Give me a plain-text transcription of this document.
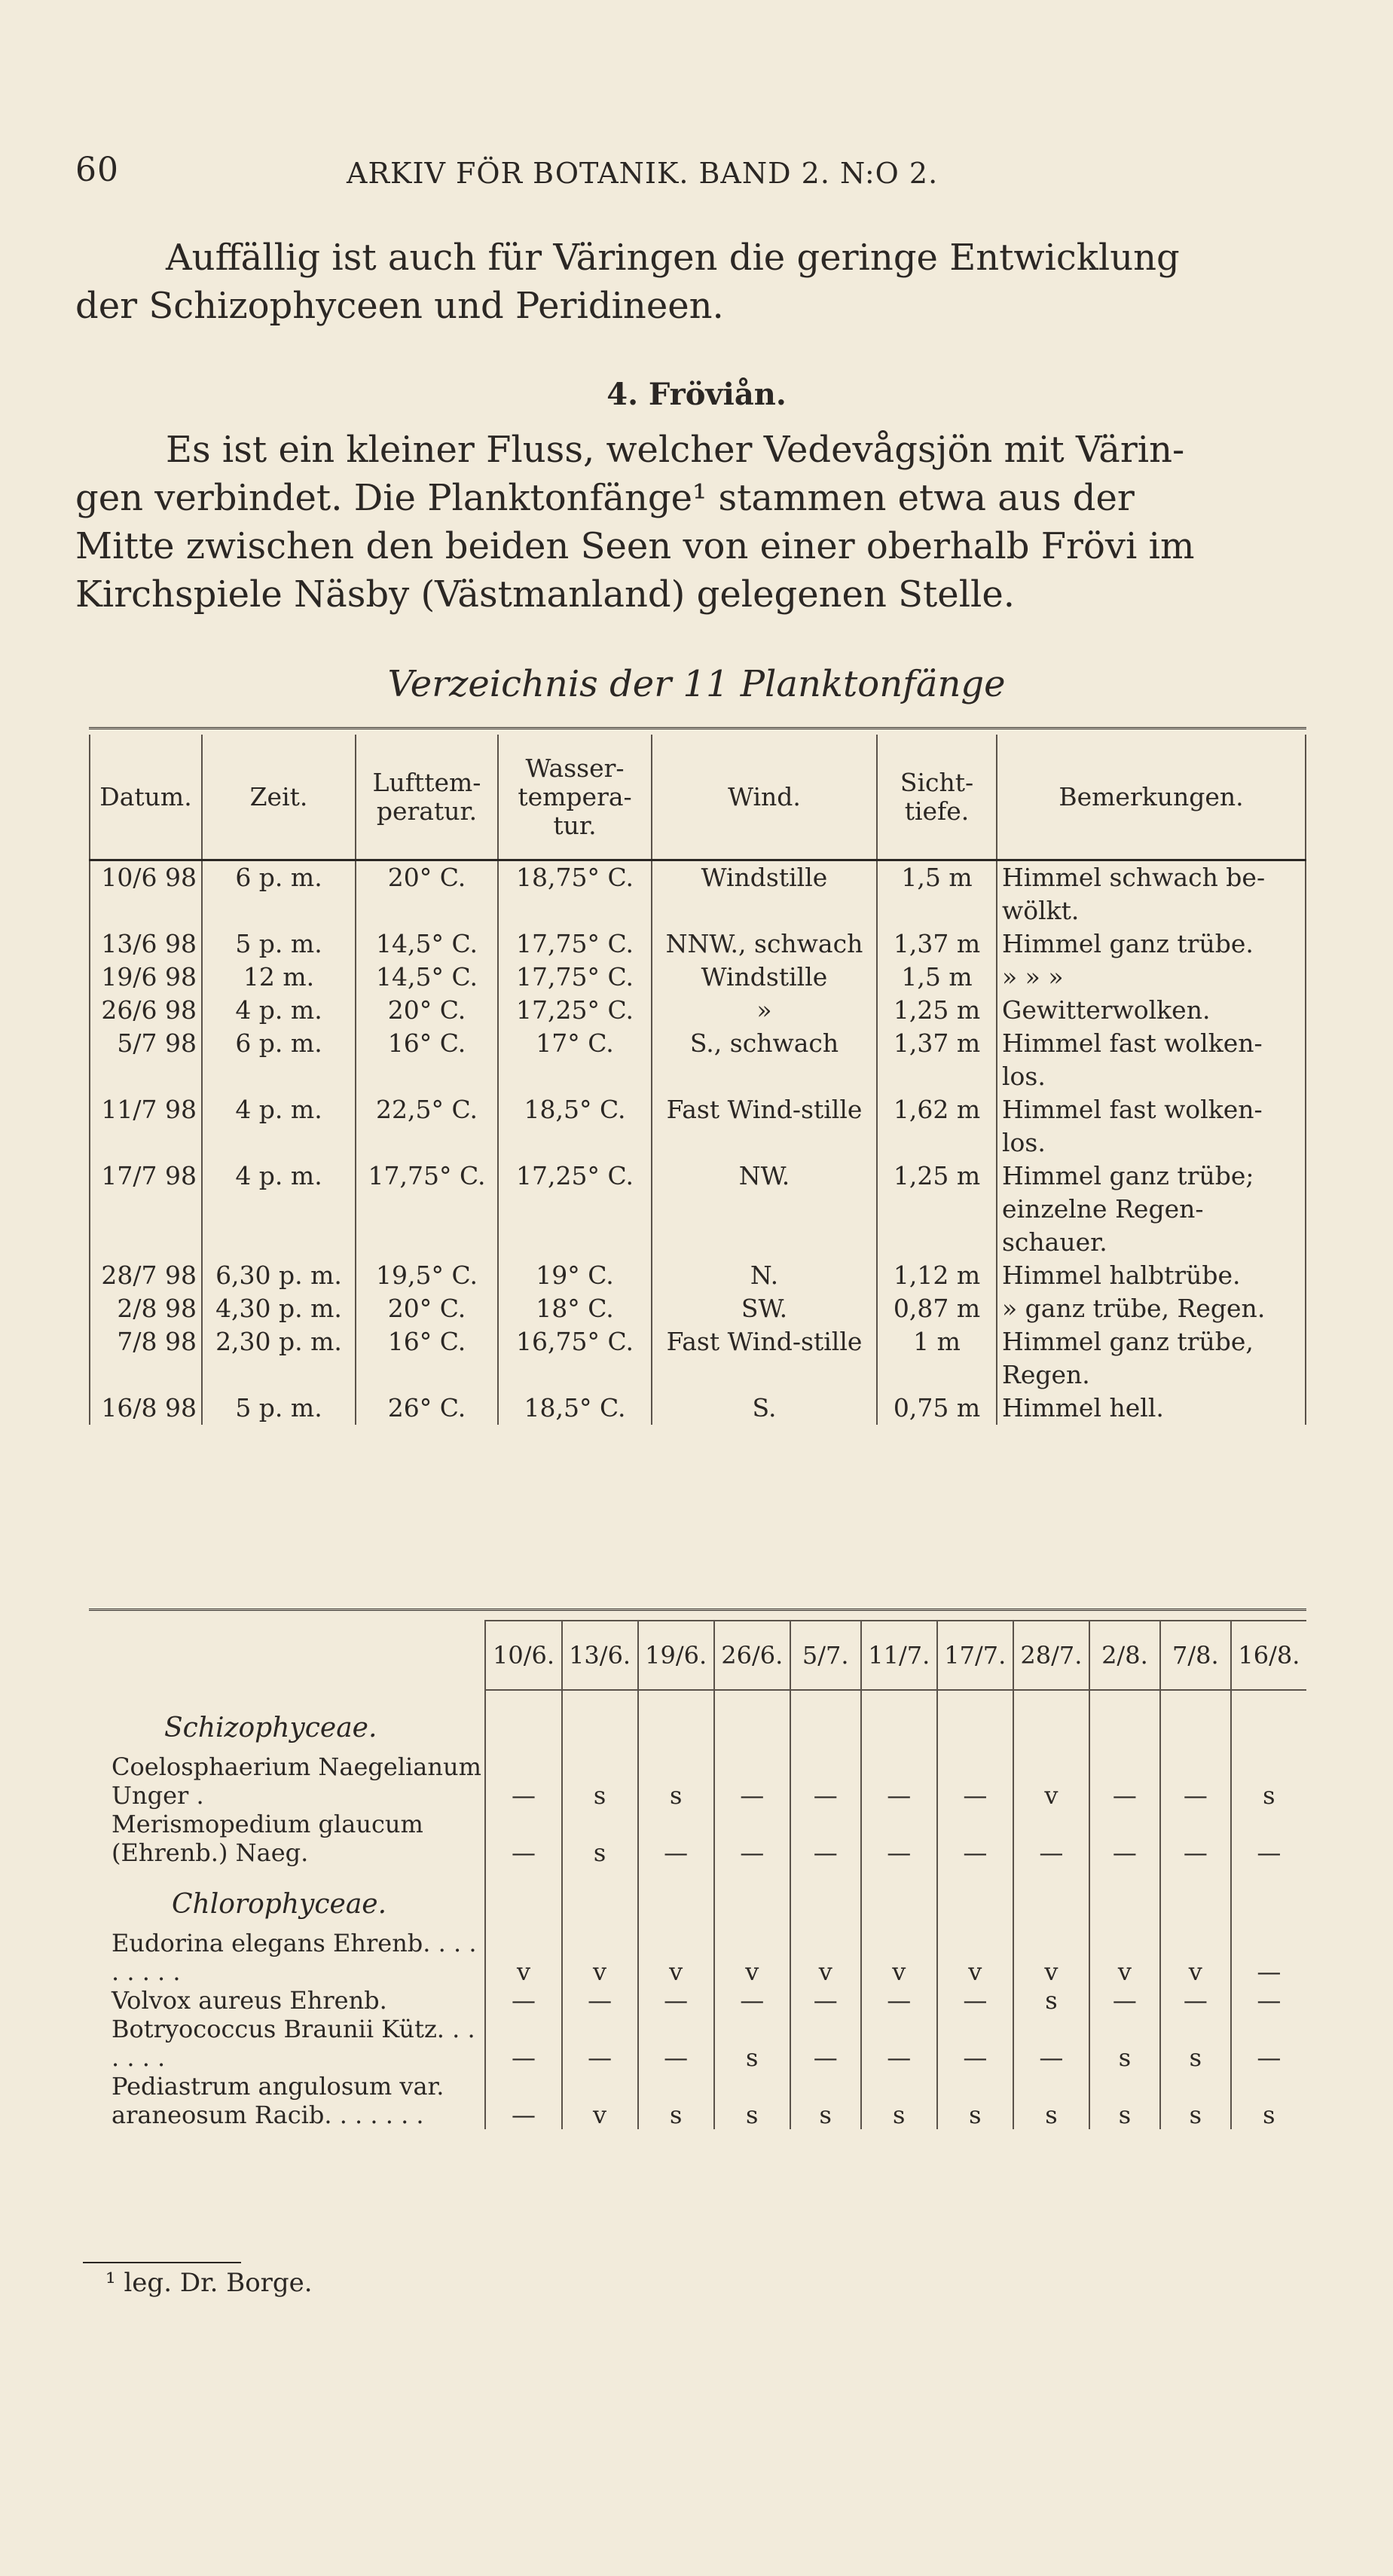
60	ARKIV FÖR BOTANIK. BAND 2. N:O 2.

Auffällig ist auch für Väringen die geringe Entwicklung

der Schizophyceen und Peridineen.

4. Fröviån.

Es ist ein kleiner Fluss, welcher Vedevågsjön mit Värin-

gen verbindet. Die Planktonfänge¹ stammen etwa aus der

Mitte zwischen den beiden Seen von einer oberhalb Frövi im

Kirchspiele Näsby (Västmanland) gelegenen Stelle.

Verzeichnis der 11 Planktonfänge
Datum.	Zeit.	Lufttem-peratur.	Wasser-tempera-tur.	Wind.	Sicht-tiefe.	Bemerkungen.
10/6 98	6 p. m.	20° C.	18,75° C.	Windstille	1,5 m	Himmel schwach be-wölkt.
13/6 98	5 p. m.	14,5° C.	17,75° C.	NNW., schwach	1,37 m	Himmel ganz trübe.
19/6 98	12 m.	14,5° C.	17,75° C.	Windstille	1,5 m	» » »
26/6 98	4 p. m.	20° C.	17,25° C.	»	1,25 m	Gewitterwolken.
5/7 98	6 p. m.	16° C.	17° C.	S., schwach	1,37 m	Himmel fast wolken-los.
11/7 98	4 p. m.	22,5° C.	18,5° C.	Fast Wind-stille	1,62 m	Himmel fast wolken-los.
17/7 98	4 p. m.	17,75° C.	17,25° C.	NW.	1,25 m	Himmel ganz trübe; einzelne Regen-schauer.
28/7 98	6,30 p. m.	19,5° C.	19° C.	N.	1,12 m	Himmel halbtrübe.
2/8 98	4,30 p. m.	20° C.	18° C.	SW.	0,87 m	» ganz trübe, Regen.
7/8 98	2,30 p. m.	16° C.	16,75° C.	Fast Wind-stille	1 m	Himmel ganz trübe, Regen.
16/8 98	5 p. m.	26° C.	18,5° C.	S.	0,75 m	Himmel hell.
	10/6.	13/6.	19/6.	26/6.	5/7.	11/7.	17/7.	28/7.	2/8.	7/8.	16/8.
Schizophyceae.											
Coelosphaerium Naegelianum Unger .	—	s	s	—	—	—	—	v	—	—	s
Merismopedium glaucum (Ehrenb.) Naeg.	—	s	—	—	—	—	—	—	—	—	—
Chlorophyceae.											
Eudorina elegans Ehrenb. . . . . . . . .	v	v	v	v	v	v	v	v	v	v	—
Volvox aureus Ehrenb.	—	—	—	—	—	—	—	s	—	—	—
Botryococcus Braunii Kütz. . . . . . .	—	—	—	s	—	—	—	—	s	s	—
Pediastrum angulosum var. araneosum Racib. . . . . . .	—	v	s	s	s	s	s	s	s	s	s
¹ leg. Dr. Borge.
